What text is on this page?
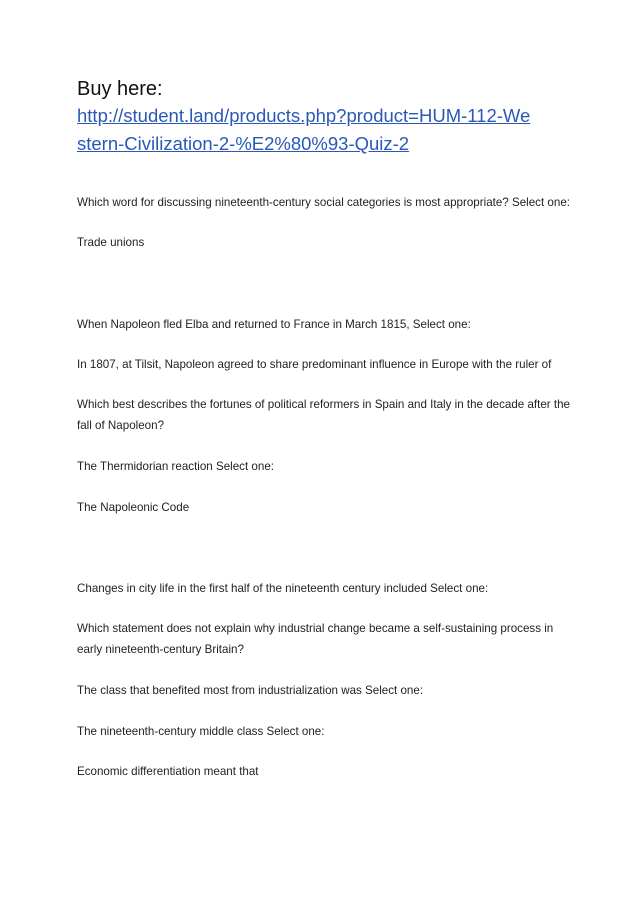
Buy here:
http://student.land/products.php?product=HUM-112-We
stern-Civilization-2-%E2%80%93-Quiz-2
Which word for discussing nineteenth-century social categories is most appropriate? Select one:
Trade unions
When Napoleon fled Elba and returned to France in March 1815, Select one:
In 1807, at Tilsit, Napoleon agreed to share predominant influence in Europe with the ruler of
Which best describes the fortunes of political reformers in Spain and Italy in the decade after the
fall of Napoleon?
The Thermidorian reaction Select one:
The Napoleonic Code
Changes in city life in the first half of the nineteenth century included Select one:
Which statement does not explain why industrial change became a self-sustaining process in
early nineteenth-century Britain?
The class that benefited most from industrialization was Select one:
The nineteenth-century middle class Select one:
Economic differentiation meant that
